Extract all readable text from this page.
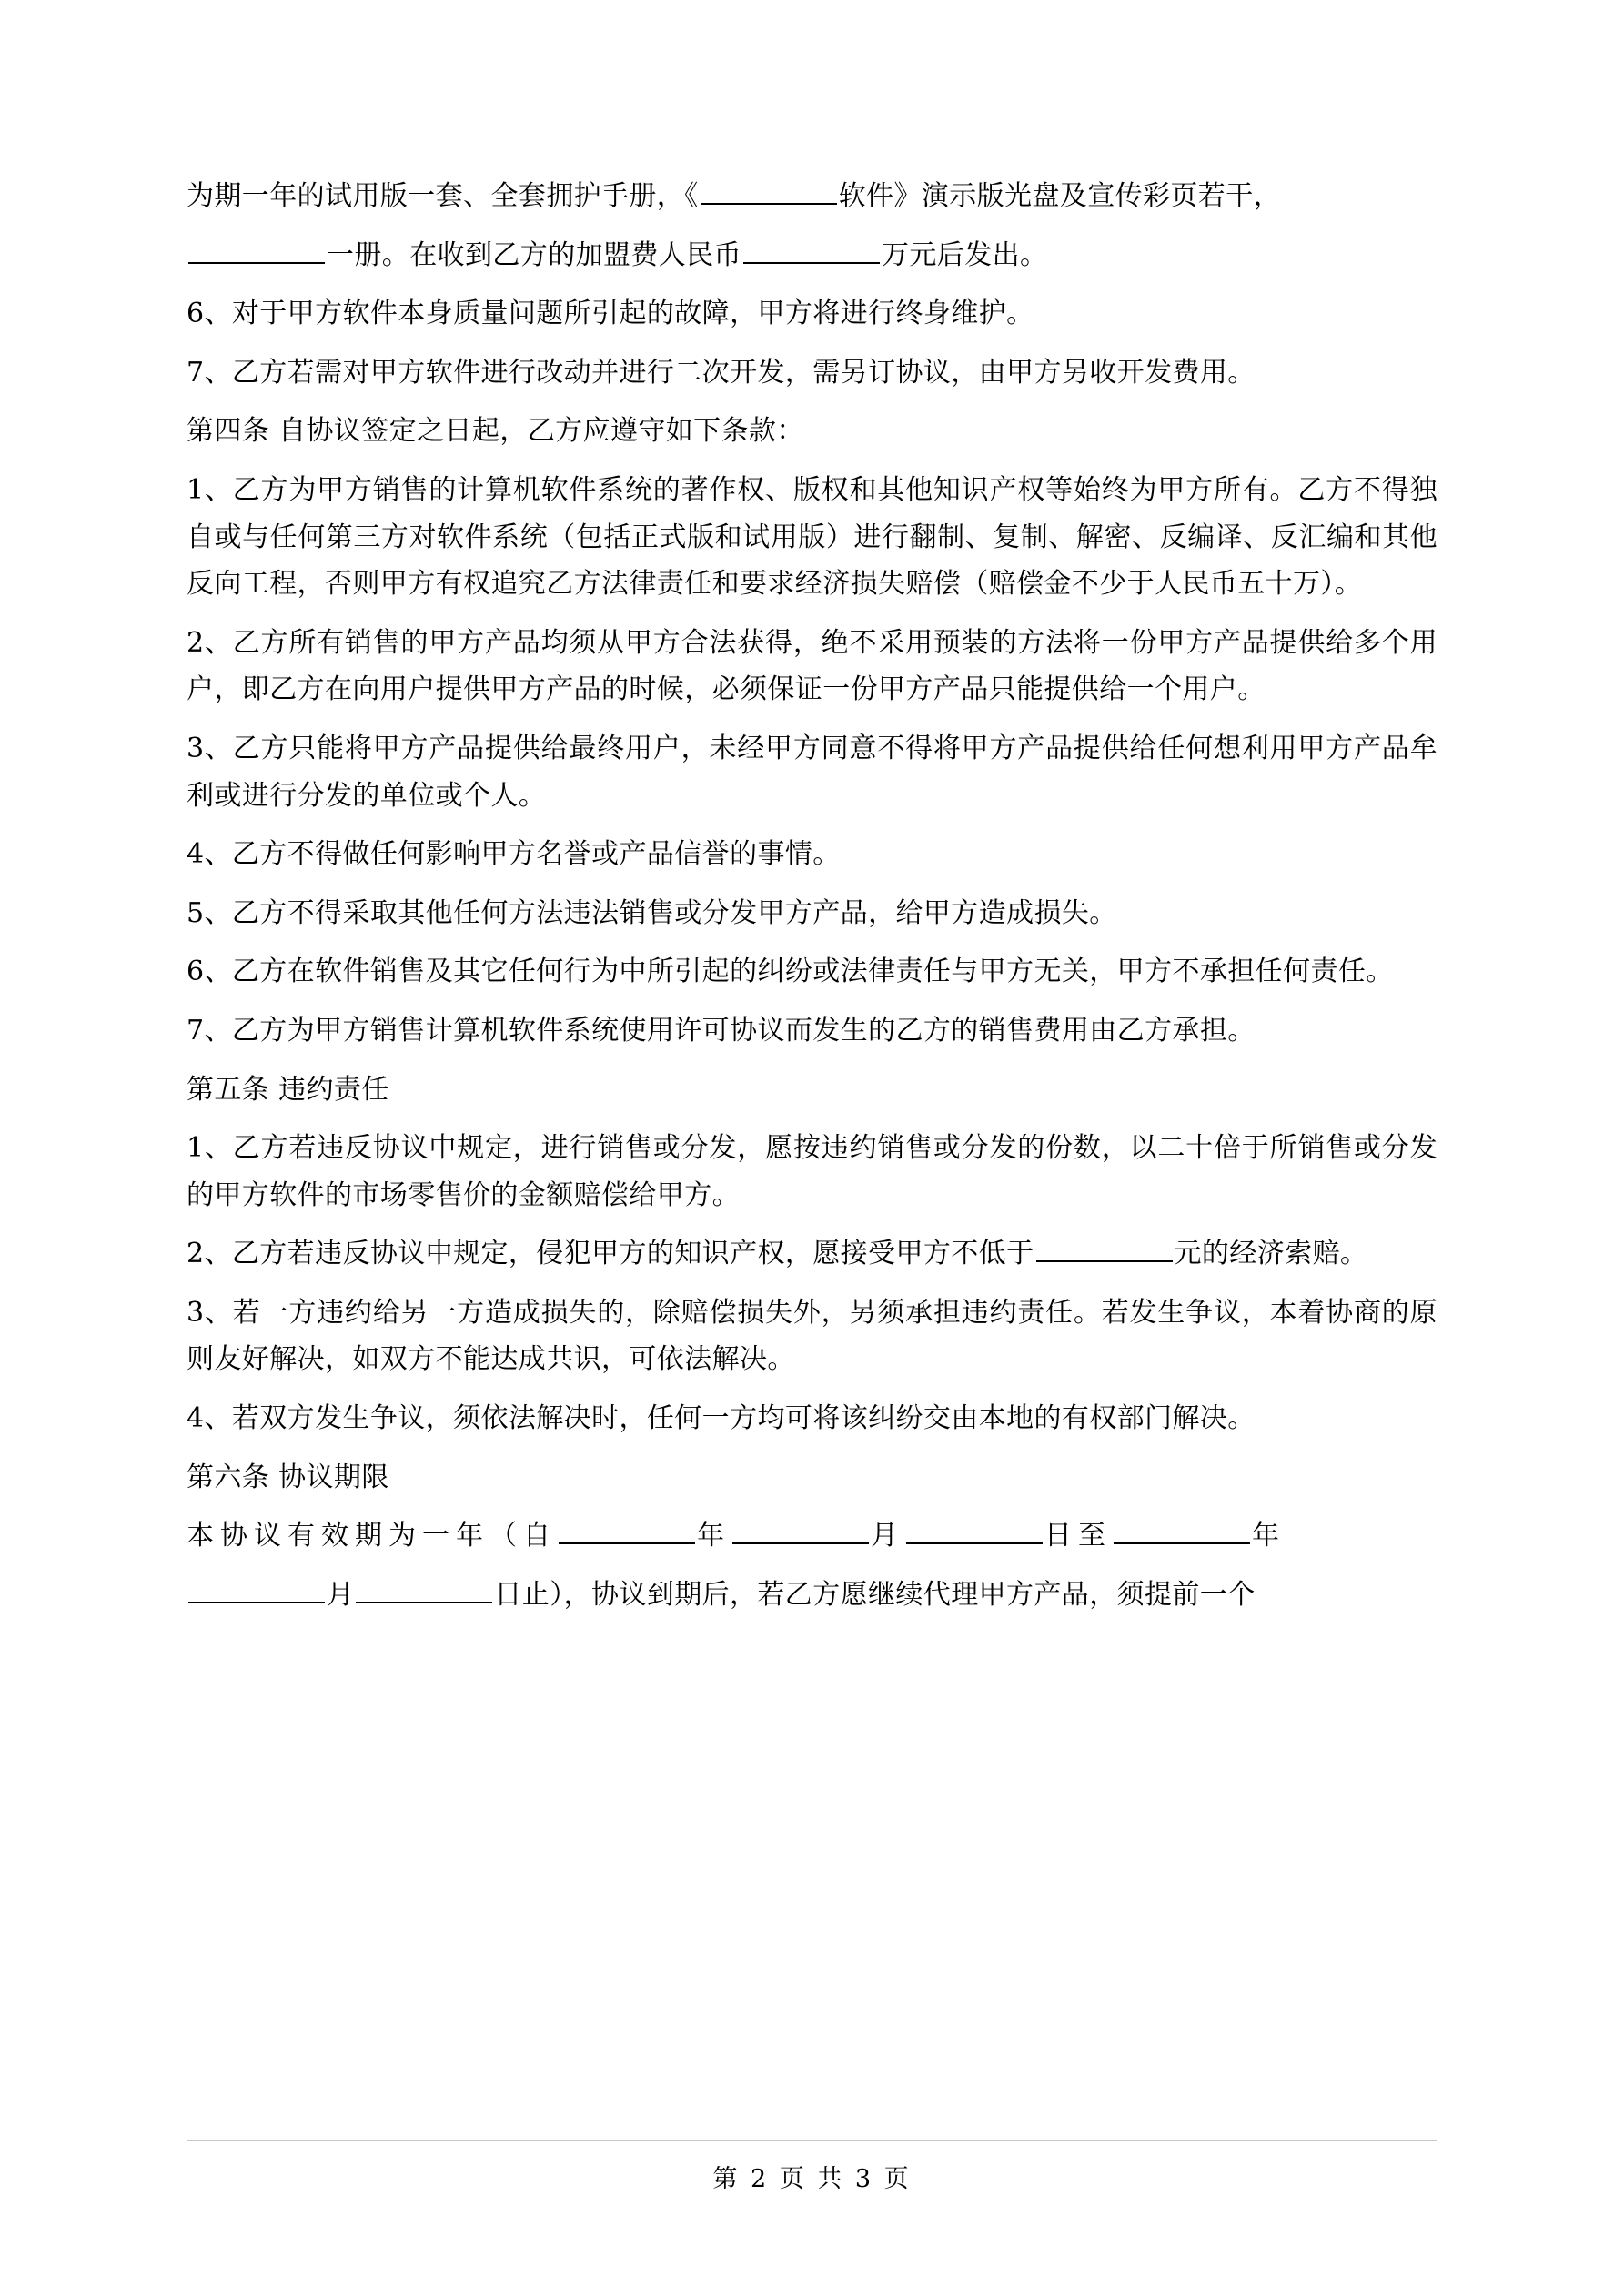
为期一年的试用版一套、全套拥护手册，《	软件》演示版光盘及宣传彩页若干，

一册。在收到乙方的加盟费人民币	万元后发出。

6、对于甲方软件本身质量问题所引起的故障，甲方将进行终身维护。

7、乙方若需对甲方软件进行改动并进行二次开发，需另订协议，由甲方另收开发费用。

第四条 自协议签定之日起，乙方应遵守如下条款：

1、乙方为甲方销售的计算机软件系统的著作权、版权和其他知识产权等始终为甲方所有。乙方不得独自或与任何第三方对软件系统（包括正式版和试用版）进行翻制、复制、解密、反编译、反汇编和其他反向工程，否则甲方有权追究乙方法律责任和要求经济损失赔偿（赔偿金不少于人民币五十万）。

2、乙方所有销售的甲方产品均须从甲方合法获得，绝不采用预装的方法将一份甲方产品提供给多个用户，即乙方在向用户提供甲方产品的时候，必须保证一份甲方产品只能提供给一个用户。

3、乙方只能将甲方产品提供给最终用户，未经甲方同意不得将甲方产品提供给任何想利用甲方产品牟利或进行分发的单位或个人。

4、乙方不得做任何影响甲方名誉或产品信誉的事情。

5、乙方不得采取其他任何方法违法销售或分发甲方产品，给甲方造成损失。

6、乙方在软件销售及其它任何行为中所引起的纠纷或法律责任与甲方无关，甲方不承担任何责任。

7、乙方为甲方销售计算机软件系统使用许可协议而发生的乙方的销售费用由乙方承担。

第五条 违约责任

1、乙方若违反协议中规定，进行销售或分发，愿按违约销售或分发的份数，以二十倍于所销售或分发的甲方软件的市场零售价的金额赔偿给甲方。

2、乙方若违反协议中规定，侵犯甲方的知识产权，愿接受甲方不低于	元的经济索赔。

3、若一方违约给另一方造成损失的，除赔偿损失外，另须承担违约责任。若发生争议，本着协商的原则友好解决，如双方不能达成共识，可依法解决。

4、若双方发生争议，须依法解决时，任何一方均可将该纠纷交由本地的有权部门解决。

第六条 协议期限

本协议有效期为一年（自	年	月	日至	年

月	日止），协议到期后，若乙方愿继续代理甲方产品，须提前一个

第 2 页 共 3 页
